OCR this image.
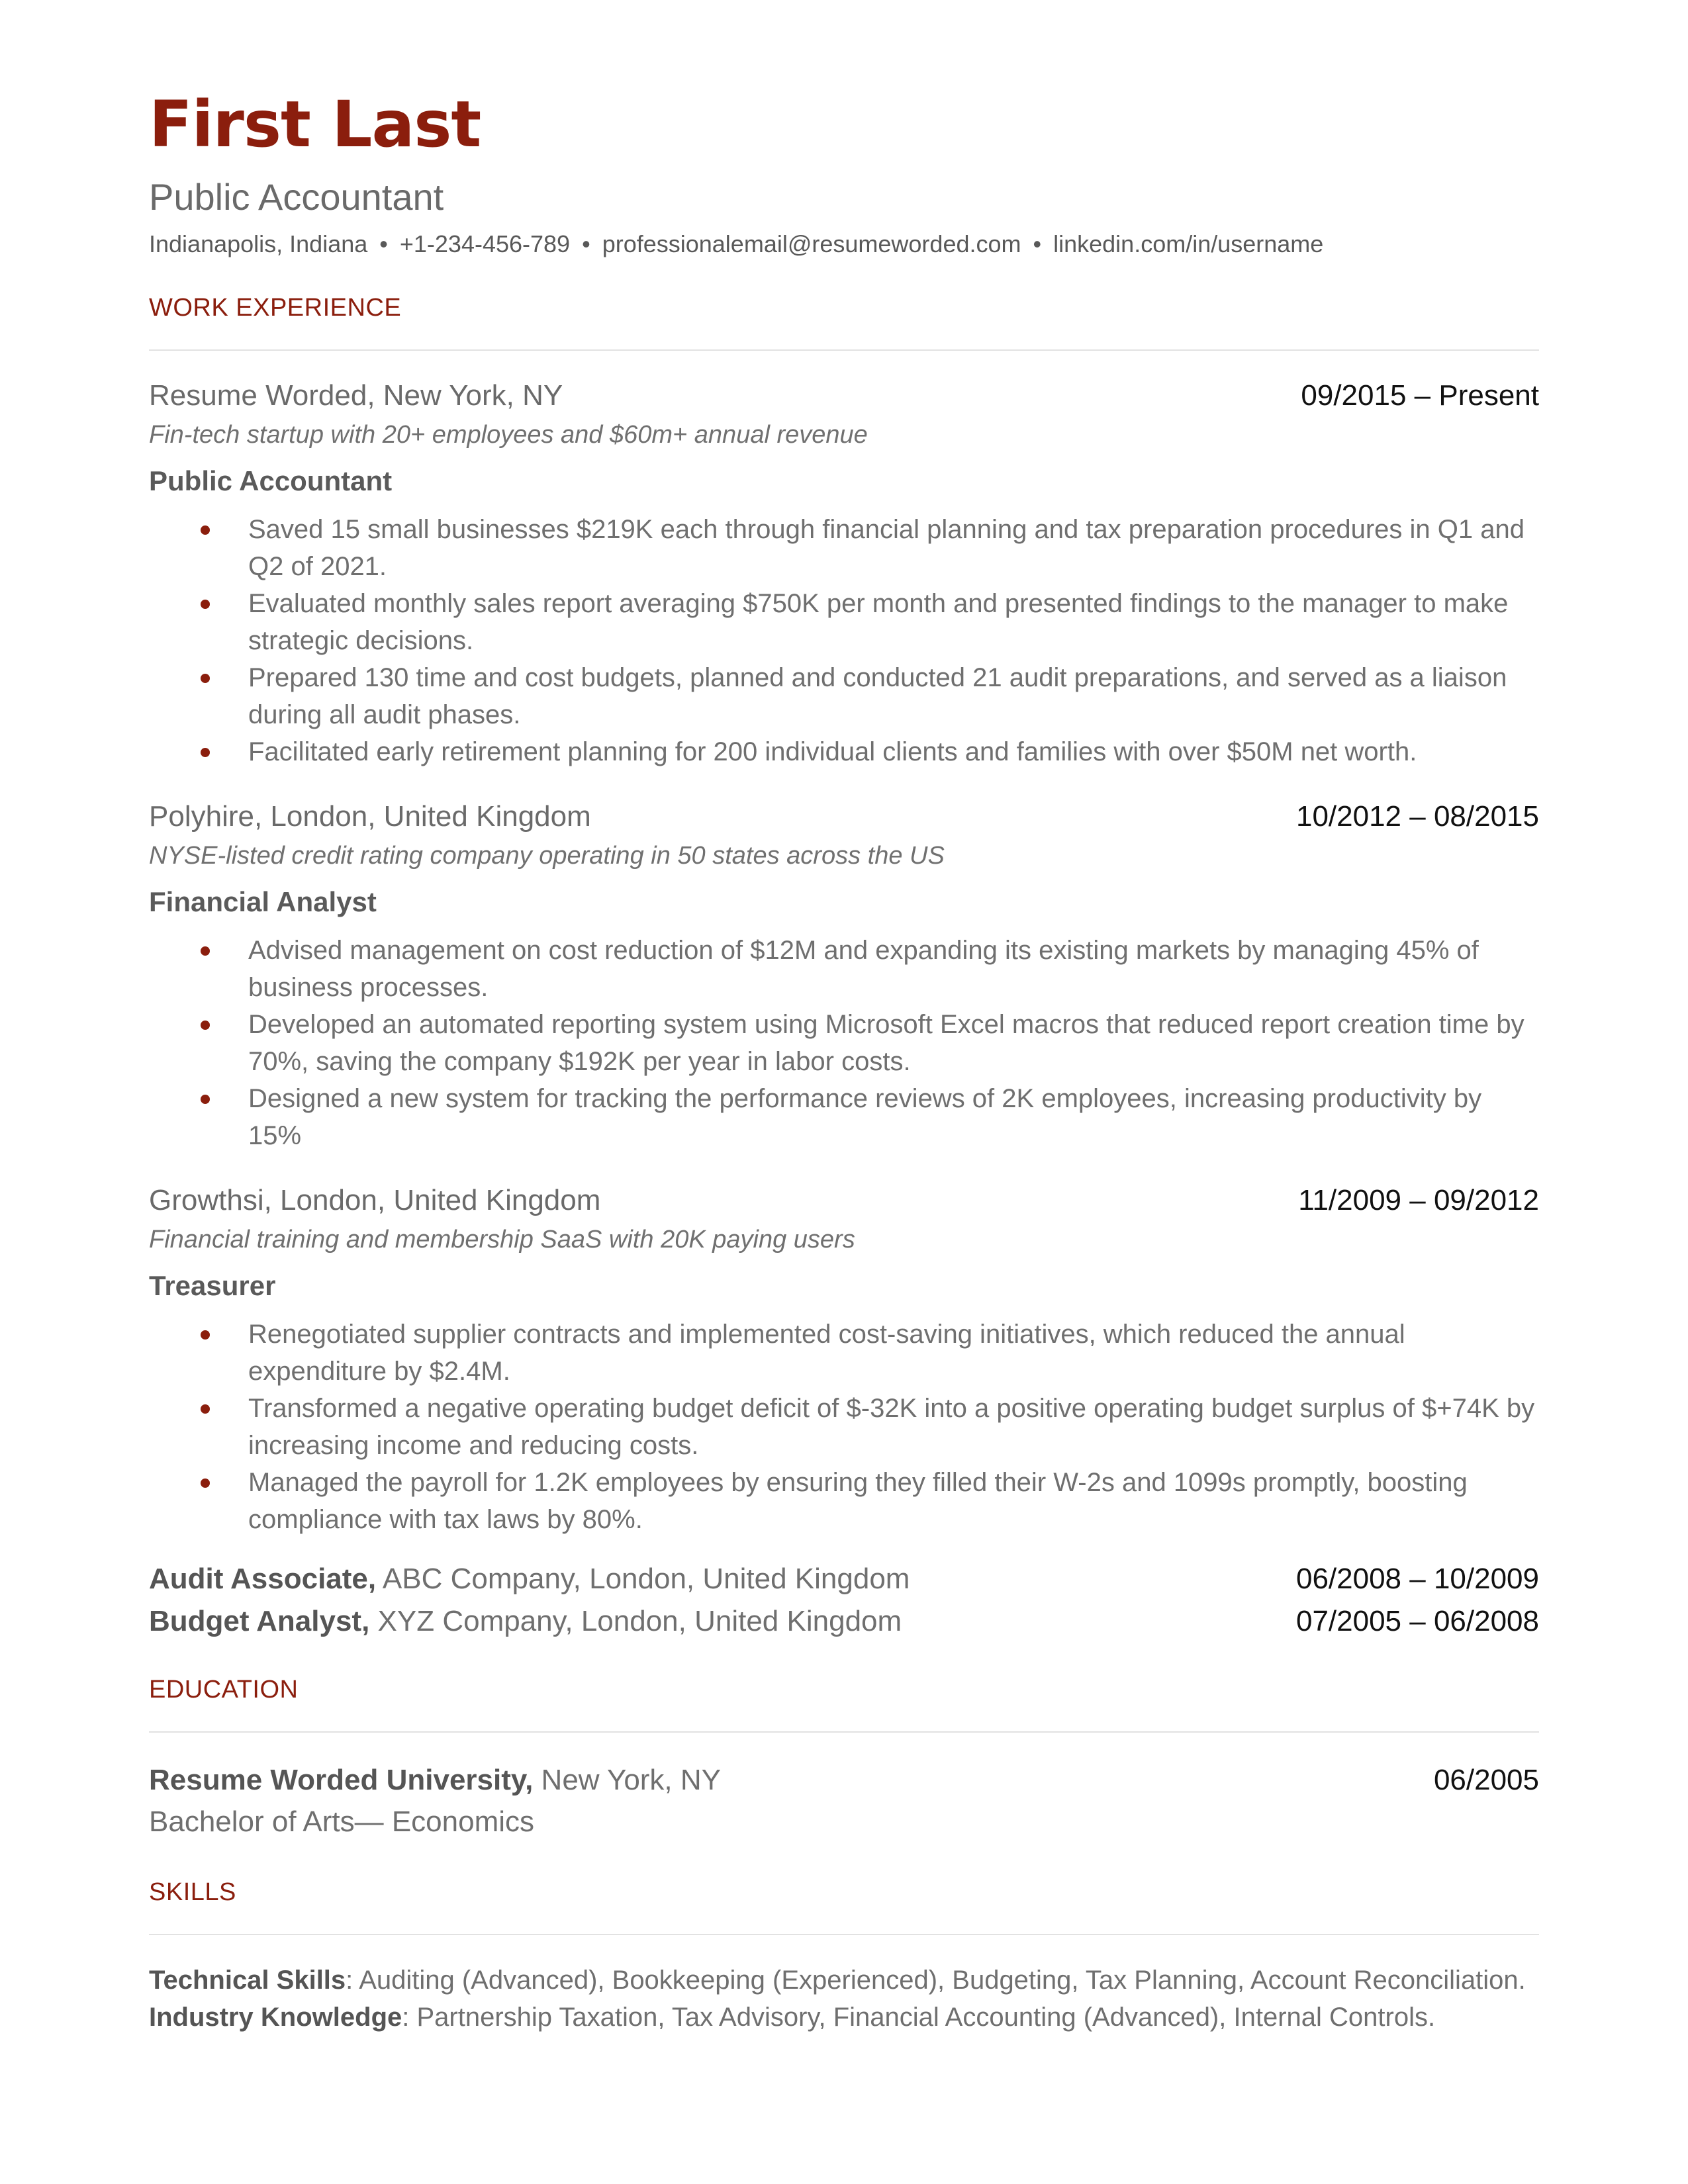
First Last
Public Accountant
Indianapolis, Indiana • +1-234-456-789 • professionalemail@resumeworded.com • linkedin.com/in/username
WORK EXPERIENCE
Resume Worded, New York, NY	09/2015 – Present
Fin-tech startup with 20+ employees and $60m+ annual revenue
Public Accountant
Saved 15 small businesses $219K each through financial planning and tax preparation procedures in Q1 and Q2 of 2021.
Evaluated monthly sales report averaging $750K per month and presented findings to the manager to make strategic decisions.
Prepared 130 time and cost budgets, planned and conducted 21 audit preparations, and served as a liaison during all audit phases.
Facilitated early retirement planning for 200 individual clients and families with over $50M net worth.
Polyhire, London, United Kingdom	10/2012 – 08/2015
NYSE-listed credit rating company operating in 50 states across the US
Financial Analyst
Advised management on cost reduction of $12M and expanding its existing markets by managing 45% of business processes.
Developed an automated reporting system using Microsoft Excel macros that reduced report creation time by 70%, saving the company $192K per year in labor costs.
Designed a new system for tracking the performance reviews of 2K employees, increasing productivity by 15%
Growthsi, London, United Kingdom	11/2009 – 09/2012
Financial training and membership SaaS with 20K paying users
Treasurer
Renegotiated supplier contracts and implemented cost-saving initiatives, which reduced the annual expenditure by $2.4M.
Transformed a negative operating budget deficit of $-32K into a positive operating budget surplus of $+74K by increasing income and reducing costs.
Managed the payroll for 1.2K employees by ensuring they filled their W-2s and 1099s promptly, boosting compliance with tax laws by 80%.
Audit Associate, ABC Company, London, United Kingdom	06/2008 – 10/2009
Budget Analyst, XYZ Company, London, United Kingdom	07/2005 – 06/2008
EDUCATION
Resume Worded University, New York, NY	06/2005
Bachelor of Arts— Economics
SKILLS
Technical Skills: Auditing (Advanced), Bookkeeping (Experienced), Budgeting, Tax Planning, Account Reconciliation.
Industry Knowledge: Partnership Taxation, Tax Advisory, Financial Accounting (Advanced), Internal Controls.
